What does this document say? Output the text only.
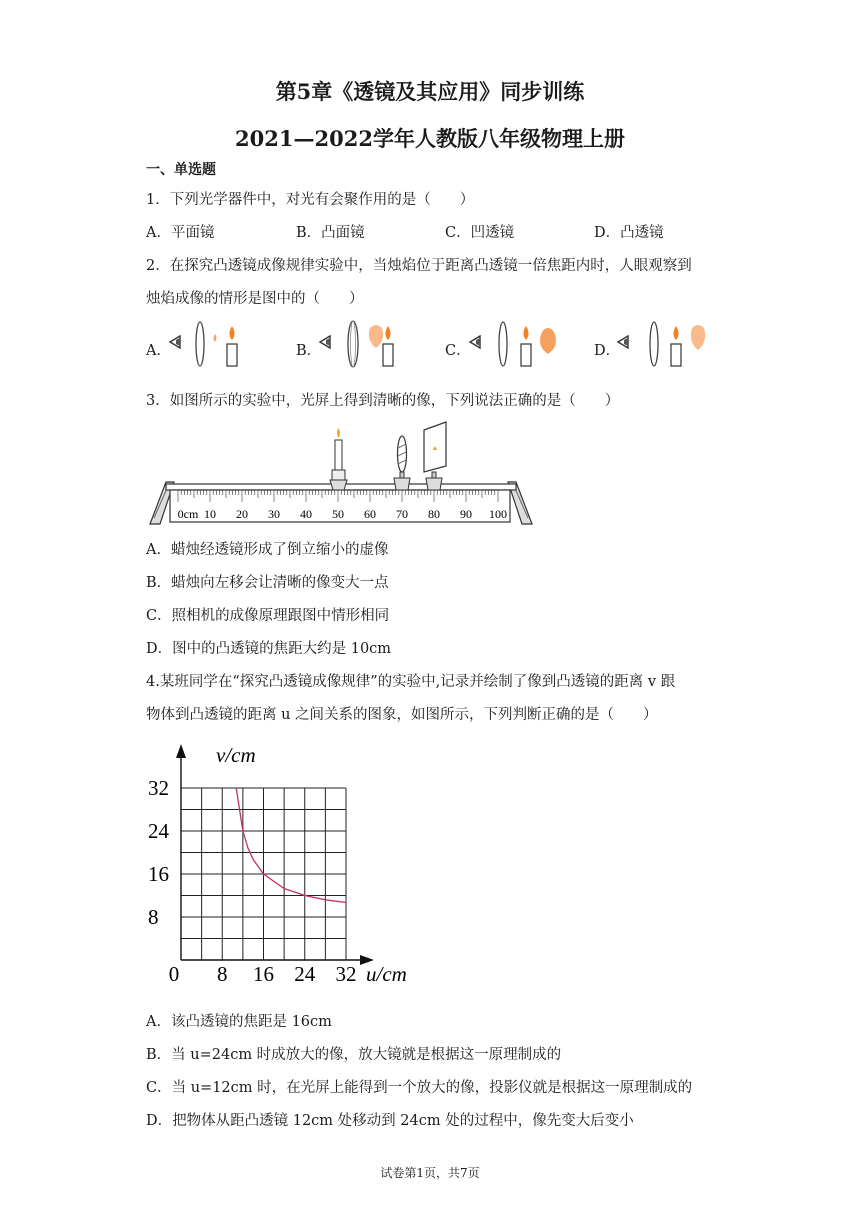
第5章《透镜及其应用》同步训练
2021—2022学年人教版八年级物理上册
一、单选题
1．下列光学器件中，对光有会聚作用的是（　　）
A．平面镜	B．凸面镜	C．凹透镜	D．凸透镜
2．在探究凸透镜成像规律实验中，当烛焰位于距离凸透镜一倍焦距内时，人眼观察到
烛焰成像的情形是图中的（　　）
A．	B．	C．	D．
3．如图所示的实验中，光屏上得到清晰的像，下列说法正确的是（　　）
0cm 10 20 30 40 50 60 70 80 90 100
A．蜡烛经透镜形成了倒立缩小的虚像
B．蜡烛向左移会让清晰的像变大一点
C．照相机的成像原理跟图中情形相同
D．图中的凸透镜的焦距大约是 10cm
4.某班同学在“探究凸透镜成像规律”的实验中,记录并绘制了像到凸透镜的距离 v 跟
物体到凸透镜的距离 u 之间关系的图象，如图所示，下列判断正确的是（　　）
32
24
16
8
0 8 16 24 32
v/cm
u/cm
A．该凸透镜的焦距是 16cm
B．当 u=24cm 时成放大的像，放大镜就是根据这一原理制成的
C．当 u=12cm 时，在光屏上能得到一个放大的像，投影仪就是根据这一原理制成的
D．把物体从距凸透镜 12cm 处移动到 24cm 处的过程中，像先变大后变小
试卷第1页，共7页
